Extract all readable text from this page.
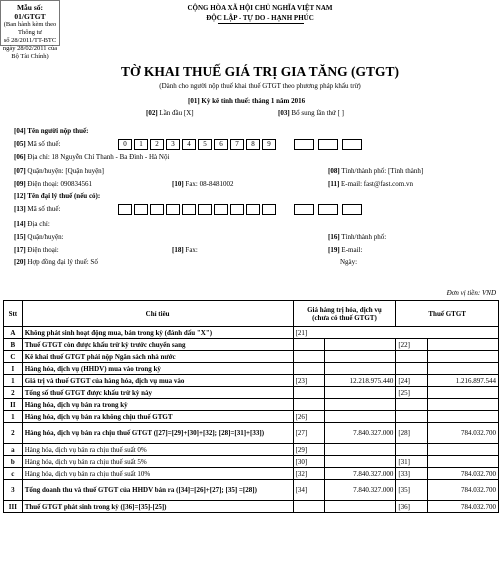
CỘNG HÒA XÃ HỘI CHỦ NGHĨA VIỆT NAM
ĐỘC LẬP - TỰ DO - HẠNH PHÚC
Mẫu số: 01/GTGT
(Ban hành kèm theo Thông tư
số 28/2011/TT-BTC
ngày 28/02/2011 của Bộ Tài Chính)
TỜ KHAI THUẾ GIÁ TRỊ GIA TĂNG (GTGT)
(Dành cho người nộp thuế khai thuế GTGT theo phương pháp khấu trừ)
[01] Kỳ kê tính thuế: tháng 1 năm 2016
[02] Lần đầu [X]	[03] Bổ sung lần thứ [ ]
[04] Tên người nộp thuế:
[05] Mã số thuế:	0	1	2	3	4	5	6	7	8	9
[06] Địa chỉ: 18 Nguyễn Chí Thanh - Ba Đình - Hà Nội
[07] Quận/huyện: [Quận huyện]	[08] Tỉnh/thành phố: [Tỉnh thành]
[09] Điện thoại: 090834561	[10] Fax: 08-8481002	[11] E-mail: fast@fast.com.vn
[12] Tên đại lý thuế (nếu có):
[13] Mã số thuế:
[14] Địa chỉ:
[15] Quận/huyện:	[16] Tỉnh/thành phố:
[17] Điện thoại:	[18] Fax:	[19] E-mail:
[20] Hợp đồng đại lý thuế: Số	Ngày:
Đơn vị tiền: VND
Stt	Chỉ tiêu	Giá hàng trị hóa, dịch vụ
(chưa có thuế GTGT)		Thuế GTGT	
A	Không phát sinh hoạt động mua, bán trong kỳ (đánh dấu "X")	[21]			
B	Thuế GTGT còn được khấu trừ kỳ trước chuyển sang			[22]	
C	Kê khai thuế GTGT phải nộp Ngân sách nhà nước				
I	Hàng hóa, dịch vụ (HHDV) mua vào trong kỳ				
1	Giá trị và thuế GTGT của hàng hóa, dịch vụ mua vào	[23]	12.218.975.440	[24]	1.216.897.544
2	Tổng số thuế GTGT được khấu trừ kỳ này			[25]	
II	Hàng hóa, dịch vụ bán ra trong kỳ				
1	Hàng hóa, dịch vụ bán ra không chịu thuế GTGT	[26]			
2	Hàng hóa, dịch vụ bán ra chịu thuế GTGT ([27]=[29]+[30]+[32]; [28]=[31]+[33])	[27]	7.840.327.000	[28]	784.032.700
a	Hàng hóa, dịch vụ bán ra chịu thuế suất 0%	[29]			
b	Hàng hóa, dịch vụ bán ra chịu thuế suất 5%	[30]		[31]	
c	Hàng hóa, dịch vụ bán ra chịu thuế suất 10%	[32]	7.840.327.000	[33]	784.032.700
3	Tổng doanh thu và thuế GTGT của HHDV bán ra ([34]=[26]+[27]; [35] =[28])	[34]	7.840.327.000	[35]	784.032.700
III	Thuế GTGT phát sinh trong kỳ ([36]=[35]-[25])			[36]	784.032.700
